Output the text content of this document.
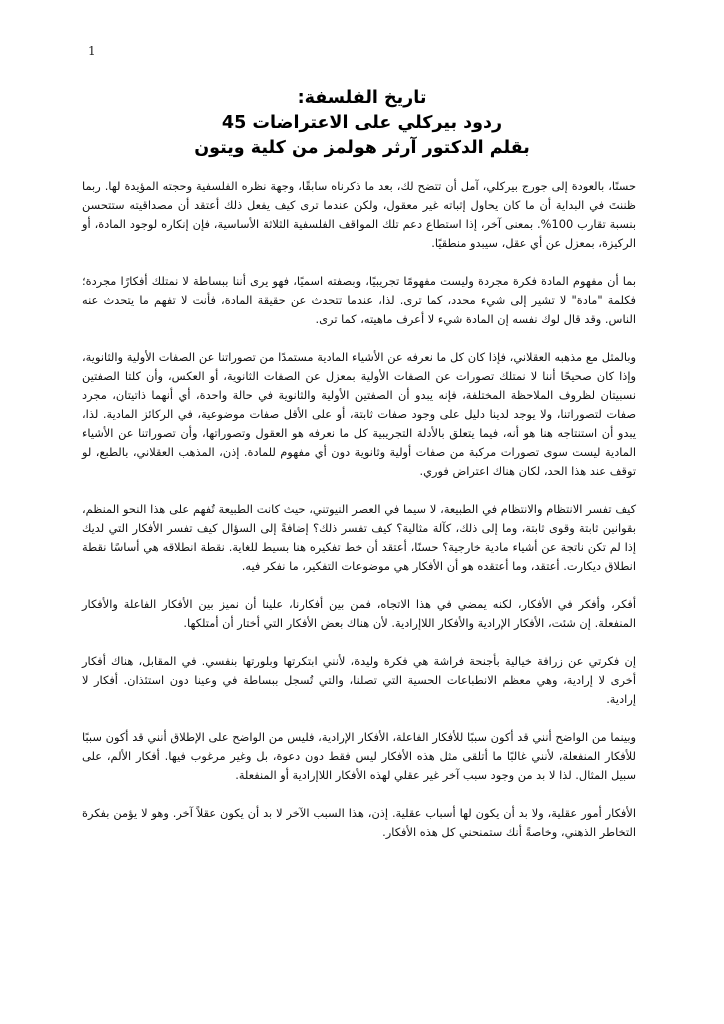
1
تاريخ الفلسفة:
ردود بيركلي على الاعتراضات 45
بقلم الدكتور آرثر هولمز من كلية ويتون

حسنًا، بالعودة إلى جورج بيركلي، آمل أن تتضح لك، بعد ما ذكرناه سابقًا، وجهة نظره الفلسفية وحجته المؤيدة لها. ربما ظننتَ في البداية أن ما كان يحاول إثباته غير معقول، ولكن عندما ترى كيف يفعل ذلك أعتقد أن مصداقيته ستتحسن بنسبة تقارب 100%. بمعنى آخر، إذا استطاع دعم تلك المواقف الفلسفية الثلاثة الأساسية، فإن إنكاره لوجود المادة، أو الركيزة، بمعزل عن أي عقل، سيبدو منطقيًا.

بما أن مفهوم المادة فكرة مجردة وليست مفهومًا تجريبيًا، وبصفته اسميًا، فهو يرى أننا ببساطة لا نمتلك أفكارًا مجردة؛ فكلمة "مادة" لا تشير إلى شيء محدد، كما ترى. لذا، عندما تتحدث عن حقيقة المادة، فأنت لا تفهم ما يتحدث عنه الناس. وقد قال لوك نفسه إن المادة شيء لا أعرف ماهيته، كما ترى.

وبالمثل مع مذهبه العقلاني، فإذا كان كل ما نعرفه عن الأشياء المادية مستمدًا من تصوراتنا عن الصفات الأولية والثانوية، وإذا كان صحيحًا أننا لا نمتلك تصورات عن الصفات الأولية بمعزل عن الصفات الثانوية، أو العكس، وأن كلتا الصفتين نسبيتان لظروف الملاحظة المختلفة، فإنه يبدو أن الصفتين الأولية والثانوية في حالة واحدة، أي أنهما ذاتيتان، مجرد صفات لتصوراتنا، ولا يوجد لدينا دليل على وجود صفات ثابتة، أو على الأقل صفات موضوعية، في الركائز المادية. لذا، يبدو أن استنتاجه هنا هو أنه، فيما يتعلق بالأدلة التجريبية كل ما نعرفه هو العقول وتصوراتها، وأن تصوراتنا عن الأشياء المادية ليست سوى تصورات مركبة من صفات أولية وثانوية دون أي مفهوم للمادة. إذن، المذهب العقلاني، بالطبع، لو توقف عند هذا الحد، لكان هناك اعتراض فوري.

كيف تفسر الانتظام والانتظام في الطبيعة، لا سيما في العصر النيوتني، حيث كانت الطبيعة تُفهم على هذا النحو المنظم، بقوانين ثابتة وقوى ثابتة، وما إلى ذلك، كآلة مثالية؟ كيف تفسر ذلك؟ إضافةً إلى السؤال كيف تفسر الأفكار التي لديك إذا لم تكن ناتجة عن أشياء مادية خارجية؟ حسنًا، أعتقد أن خط تفكيره هنا بسيط للغاية. نقطة انطلاقه هي أساسًا نقطة انطلاق ديكارت. أعتقد، وما أعتقده هو أن الأفكار هي موضوعات التفكير، ما نفكر فيه.

أفكر، وأفكر في الأفكار، لكنه يمضي في هذا الاتجاه، فمن بين أفكارنا، علينا أن نميز بين الأفكار الفاعلة والأفكار المنفعلة. إن شئت، الأفكار الإرادية والأفكار اللاإرادية. لأن هناك بعض الأفكار التي أختار أن أمتلكها.

إن فكرتي عن زرافة خيالية بأجنحة فراشة هي فكرة وليدة، لأنني ابتكرتها وبلورتها بنفسي. في المقابل، هناك أفكار أخرى لا إرادية، وهي معظم الانطباعات الحسية التي تصلنا، والتي تُسجل ببساطة في وعينا دون استئذان. أفكار لا إرادية.

وبينما من الواضح أنني قد أكون سببًا للأفكار الفاعلة، الأفكار الإرادية، فليس من الواضح على الإطلاق أنني قد أكون سببًا للأفكار المنفعلة، لأنني غالبًا ما أتلقى مثل هذه الأفكار ليس فقط دون دعوة، بل وغير مرغوب فيها. أفكار الألم، على سبيل المثال. لذا لا بد من وجود سبب آخر غير عقلي لهذه الأفكار اللاإرادية أو المنفعلة.

الأفكار أمور عقلية، ولا بد أن يكون لها أسباب عقلية. إذن، هذا السبب الآخر لا بد أن يكون عقلاً آخر. وهو لا يؤمن بفكرة التخاطر الذهني، وخاصةً أنك ستمنحني كل هذه الأفكار.
